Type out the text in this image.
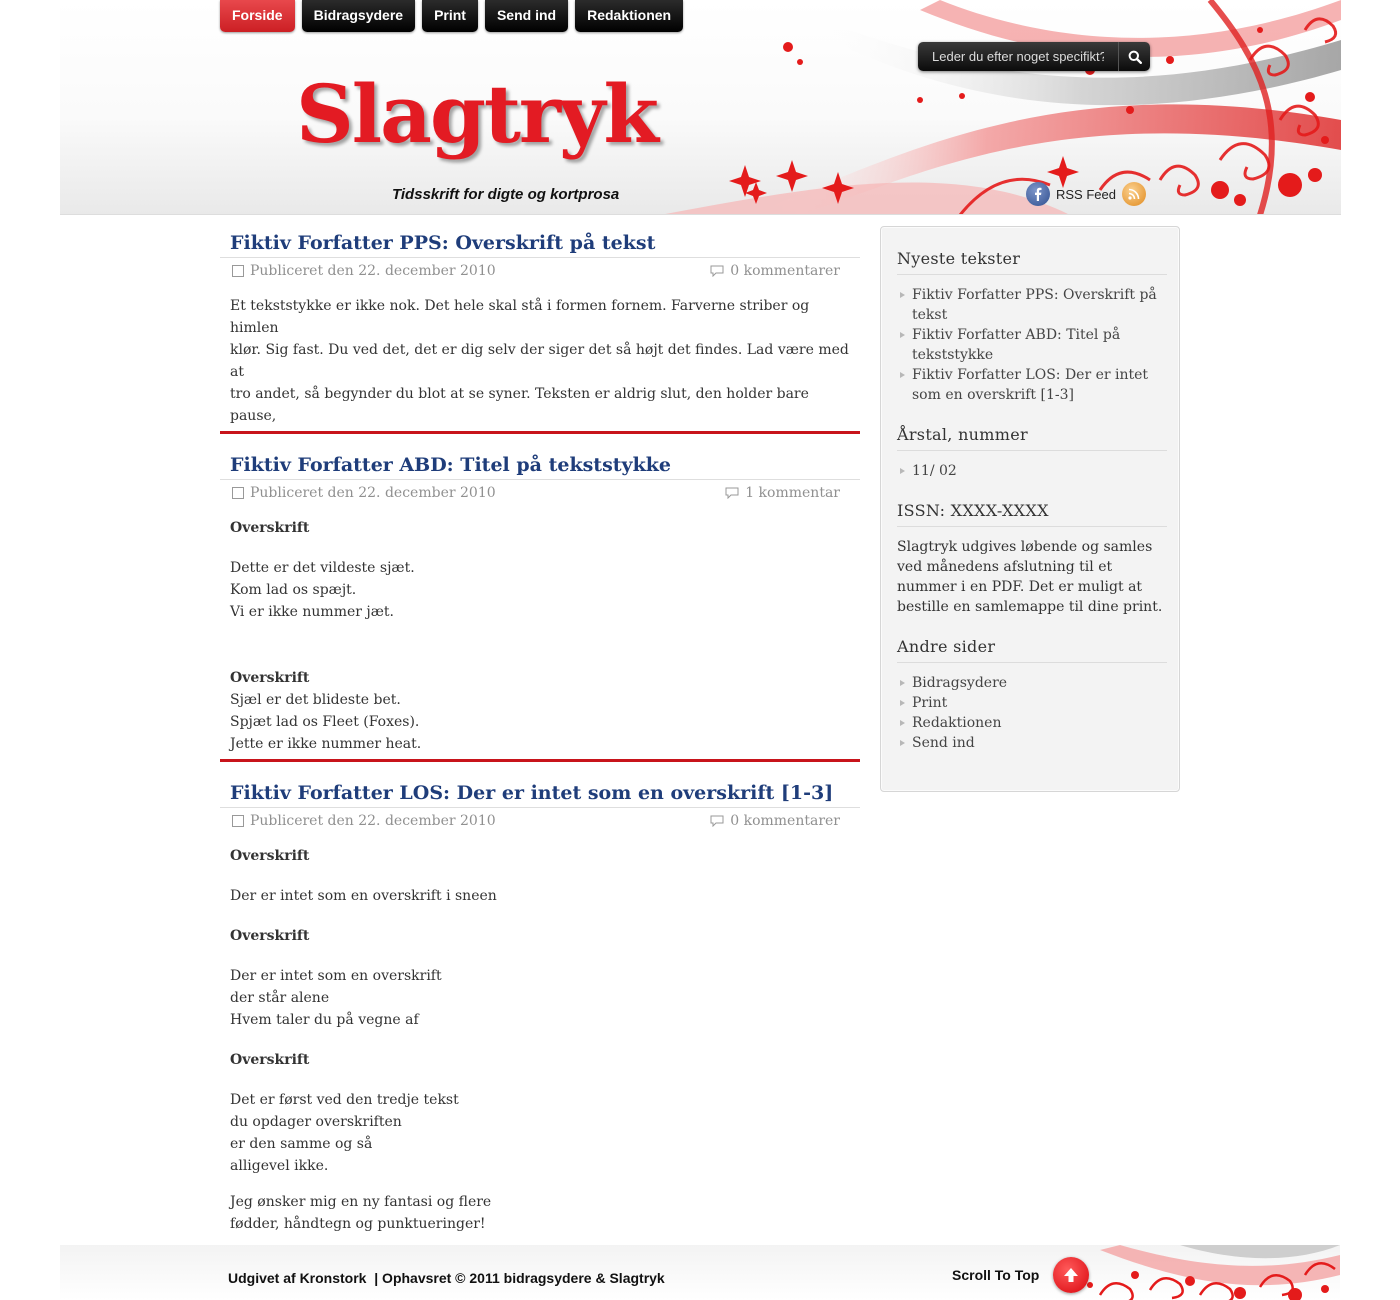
Slagtryk
Tidsskrift for digte og kortprosa	RSS Feed
Forside	Bidragsydere	Print	Send ind	Redaktionen
Leder du efter noget specifikt?
Fiktiv Forfatter PPS: Overskrift på tekst
Publiceret den 22. december 2010	0 kommentarer

Et tekststykke er ikke nok. Det hele skal stå i formen fornem. Farverne striber og himlen
klør. Sig fast. Du ved det, det er dig selv der siger det så højt det findes. Lad være med at
tro andet, så begynder du blot at se syner. Teksten er aldrig slut, den holder bare pause,

Fiktiv Forfatter ABD: Titel på tekststykke
Publiceret den 22. december 2010	1 kommentar

Overskrift

Dette er det vildeste sjæt.
Kom lad os spæjt.
Vi er ikke nummer jæt.

Overskrift

Sjæl er det blideste bet.
Spjæt lad os Fleet (Foxes).
Jette er ikke nummer heat.

Fiktiv Forfatter LOS: Der er intet som en overskrift [1-3]
Publiceret den 22. december 2010	0 kommentarer

Overskrift

Der er intet som en overskrift i sneen

Overskrift

Der er intet som en overskrift
der står alene
Hvem taler du på vegne af

Overskrift

Det er først ved den tredje tekst
du opdager overskriften
er den samme og så
alligevel ikke.

Jeg ønsker mig en ny fantasi og flere
fødder, håndtegn og punktueringer!

Nyeste tekster
Fiktiv Forfatter PPS: Overskrift på tekst
Fiktiv Forfatter ABD: Titel på tekststykke
Fiktiv Forfatter LOS: Der er intet som en overskrift [1-3]
Årstal, nummer
11/ 02
ISSN: XXXX-XXXX

Slagtryk udgives løbende og samles ved månedens afslutning til et nummer i en PDF. Det er muligt at bestille en samlemappe til dine print.

Andre sider
Bidragsydere
Print
Redaktionen
Send ind
Udgivet af Kronstork  | Ophavsret © 2011 bidragsydere & Slagtryk	Scroll To Top
